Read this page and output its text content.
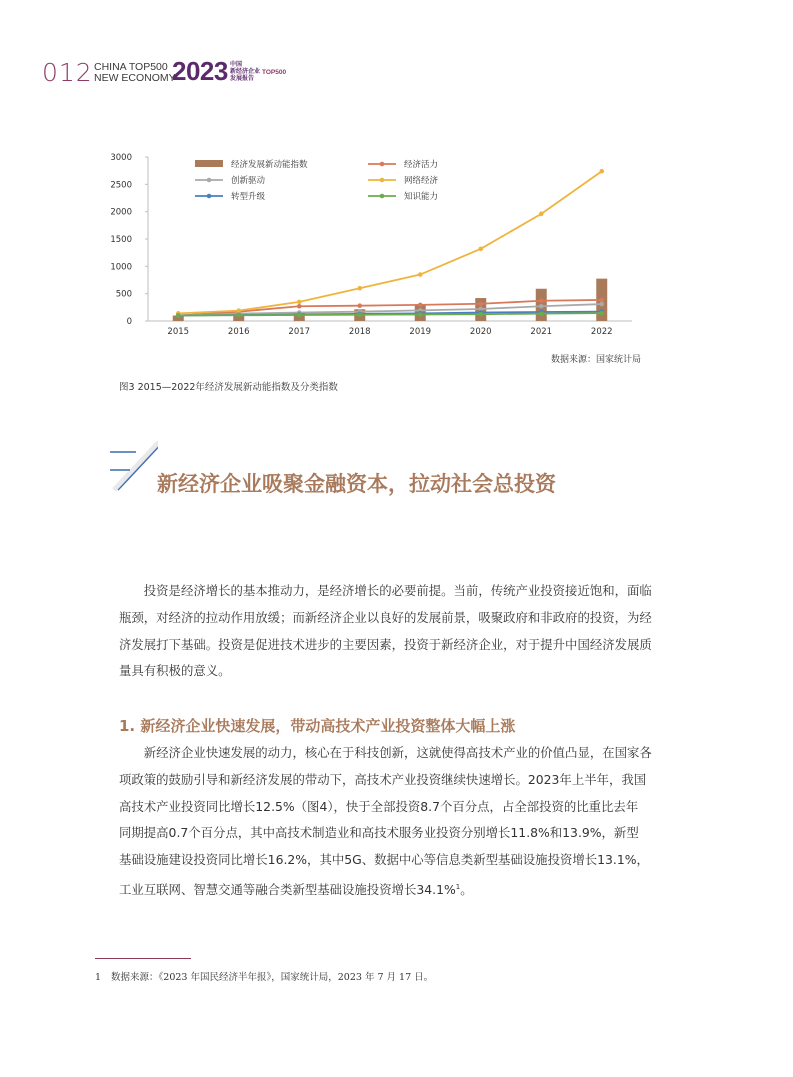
012 CHINA TOP500
NEW ECONOMY
2023 中国
新经济企业
发展报告
TOP500
0
500
1000
1500
2000
2500
3000
2015	2016	2017	2018	2019	2020	2021	2022
经济发展新动能指数	经济活力
创新驱动	网络经济
转型升级	知识能力
数据来源：国家统计局
图3 2015—2022年经济发展新动能指数及分类指数
新经济企业吸聚金融资本，拉动社会总投资
　　投资是经济增长的基本推动力，是经济增长的必要前提。当前，传统产业投资接近饱和，面临
瓶颈，对经济的拉动作用放缓；而新经济企业以良好的发展前景，吸聚政府和非政府的投资，为经
济发展打下基础。投资是促进技术进步的主要因素，投资于新经济企业，对于提升中国经济发展质
量具有积极的意义。
1. 新经济企业快速发展，带动高技术产业投资整体大幅上涨
　　新经济企业快速发展的动力，核心在于科技创新，这就使得高技术产业的价值凸显，在国家各
项政策的鼓励引导和新经济发展的带动下，高技术产业投资继续快速增长。2023年上半年，我国
高技术产业投资同比增长12.5%（图4），快于全部投资8.7个百分点，占全部投资的比重比去年
同期提高0.7个百分点，其中高技术制造业和高技术服务业投资分别增长11.8%和13.9%，新型
基础设施建设投资同比增长16.2%，其中5G、数据中心等信息类新型基础设施投资增长13.1%，
工业互联网、智慧交通等融合类新型基础设施投资增长34.1%$^1$。
1 数据来源：《2023 年国民经济半年报》，国家统计局，2023 年 7 月 17 日。
